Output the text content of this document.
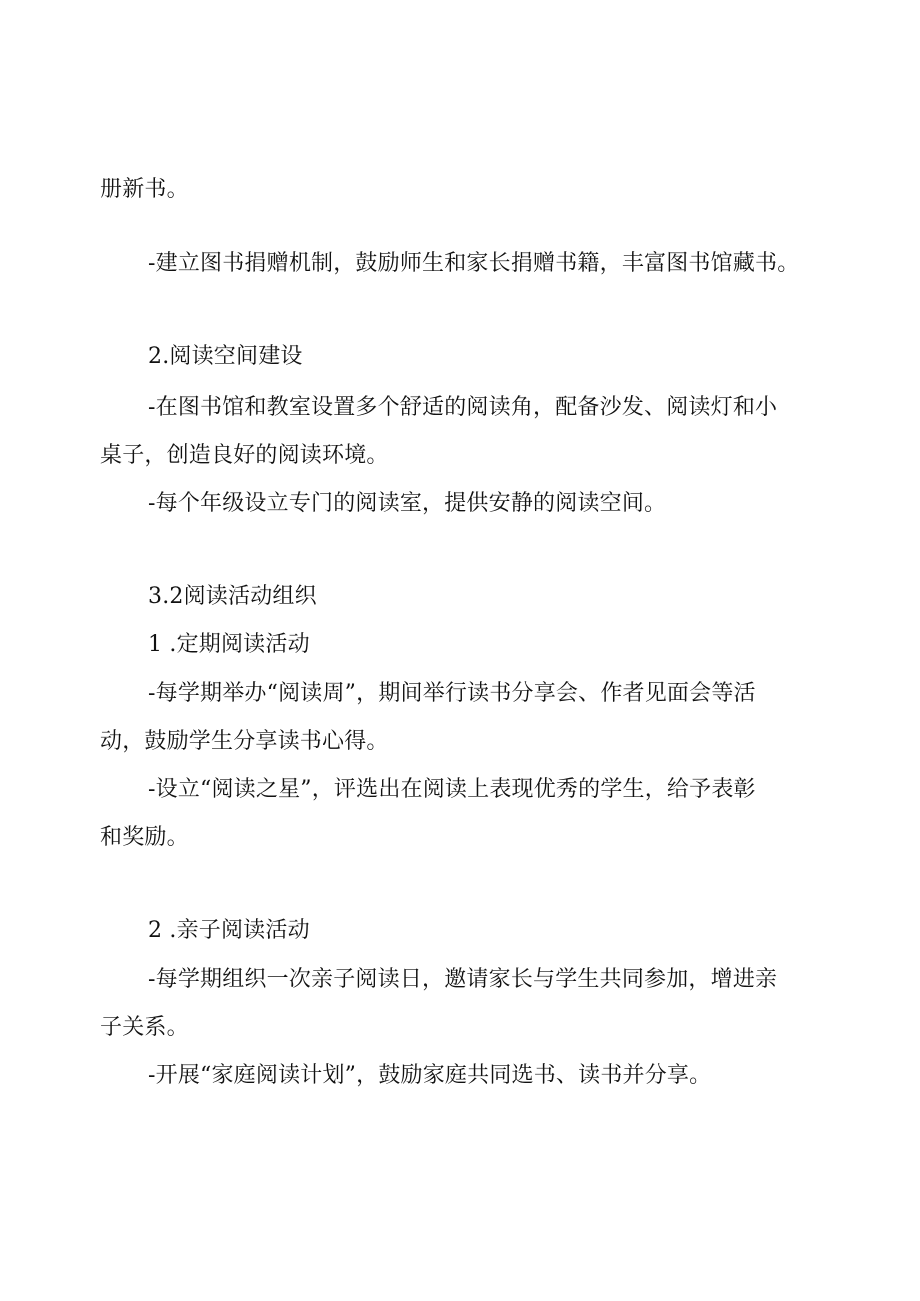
册新书。
-建立图书捐赠机制，鼓励师生和家长捐赠书籍，丰富图书馆藏书。
2.阅读空间建设
-在图书馆和教室设置多个舒适的阅读角，配备沙发、阅读灯和小
桌子，创造良好的阅读环境。
-每个年级设立专门的阅读室，提供安静的阅读空间。
3.2阅读活动组织
1 .定期阅读活动
-每学期举办“阅读周”，期间举行读书分享会、作者见面会等活
动，鼓励学生分享读书心得。
-设立“阅读之星”，评选出在阅读上表现优秀的学生，给予表彰
和奖励。
2 .亲子阅读活动
-每学期组织一次亲子阅读日，邀请家长与学生共同参加，增进亲
子关系。
-开展“家庭阅读计划”，鼓励家庭共同选书、读书并分享。
